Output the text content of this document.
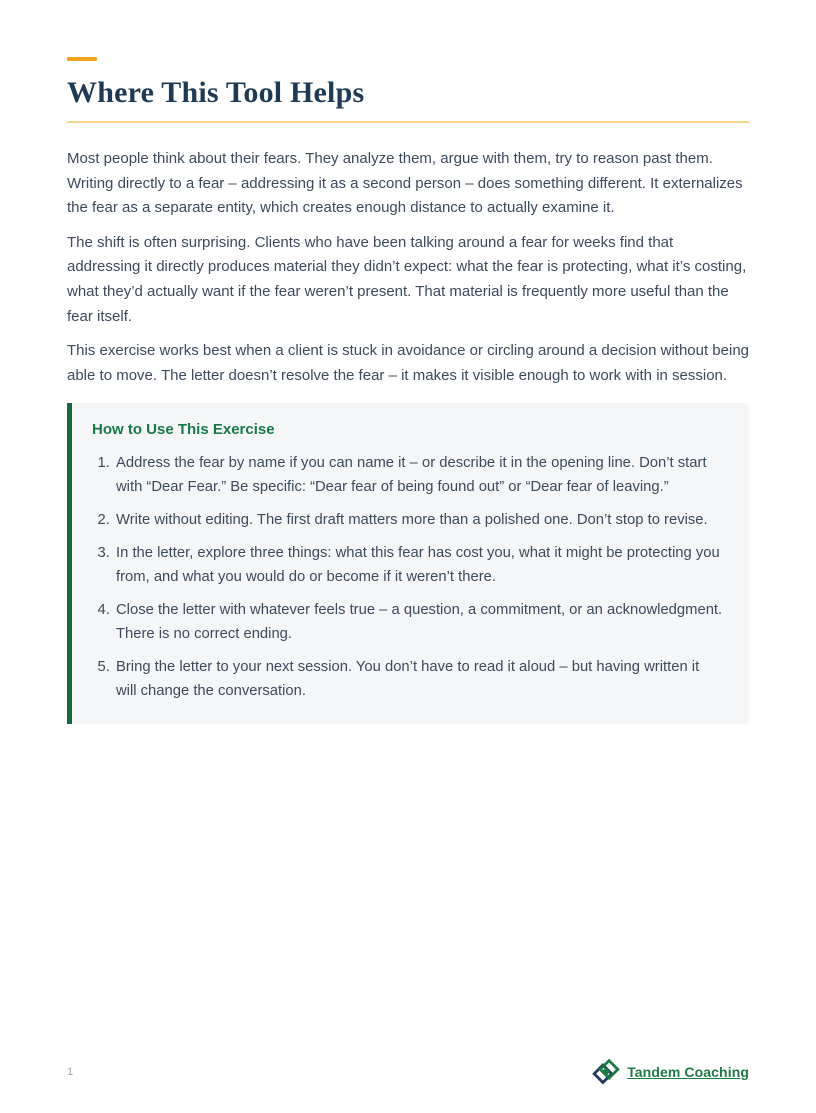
Where This Tool Helps

Most people think about their fears. They analyze them, argue with them, try to reason past them. Writing directly to a fear – addressing it as a second person – does something different. It externalizes the fear as a separate entity, which creates enough distance to actually examine it.

The shift is often surprising. Clients who have been talking around a fear for weeks find that addressing it directly produces material they didn’t expect: what the fear is protecting, what it’s costing, what they’d actually want if the fear weren’t present. That material is frequently more useful than the fear itself.

This exercise works best when a client is stuck in avoidance or circling around a decision without being able to move. The letter doesn’t resolve the fear – it makes it visible enough to work with in session.

How to Use This Exercise
1. Address the fear by name if you can name it – or describe it in the opening line. Don’t start with “Dear Fear.” Be specific: “Dear fear of being found out” or “Dear fear of leaving.”
2. Write without editing. The first draft matters more than a polished one. Don’t stop to revise.
3. In the letter, explore three things: what this fear has cost you, what it might be protecting you from, and what you would do or become if it weren’t there.
4. Close the letter with whatever feels true – a question, a commitment, or an acknowledgment. There is no correct ending.
5. Bring the letter to your next session. You don’t have to read it aloud – but having written it will change the conversation.
1	Tandem Coaching
